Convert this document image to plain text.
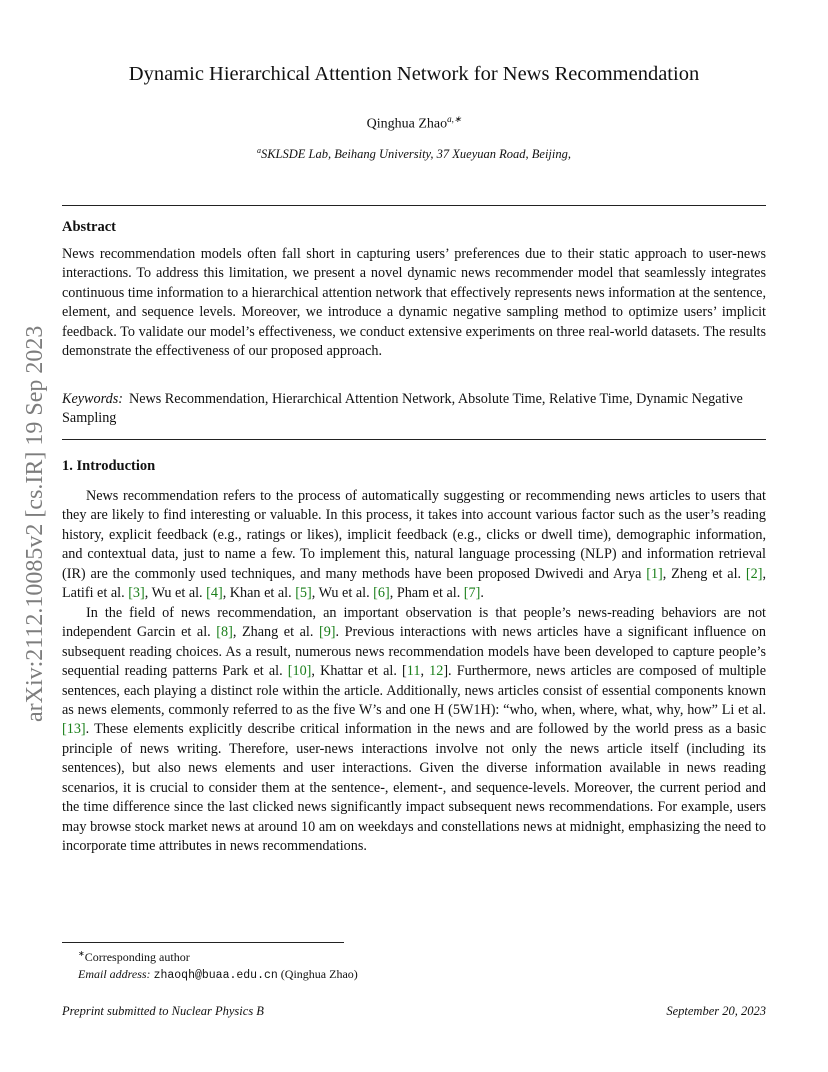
arXiv:2112.10085v2 [cs.IR] 19 Sep 2023
Dynamic Hierarchical Attention Network for News Recommendation
Qinghua Zhao$^{a,∗}$
$^a$SKLSDE Lab, Beihang University, 37 Xueyuan Road, Beijing,
Abstract
News recommendation models often fall short in capturing users’ preferences due to their static approach to user-news interactions. To address this limitation, we present a novel dynamic news recommender model that seamlessly integrates continuous time information to a hierarchical attention network that effectively represents news information at the sentence, element, and sequence levels. Moreover, we introduce a dynamic negative sampling method to optimize users’ implicit feedback. To validate our model’s effectiveness, we conduct extensive experiments on three real-world datasets. The results demonstrate the effectiveness of our proposed approach.
Keywords: News Recommendation, Hierarchical Attention Network, Absolute Time, Relative Time, Dynamic Negative Sampling
1. Introduction

News recommendation refers to the process of automatically suggesting or recommending news articles to users that they are likely to find interesting or valuable. In this process, it takes into account various factor such as the user’s reading history, explicit feedback (e.g., ratings or likes), implicit feedback (e.g., clicks or dwell time), demographic information, and contextual data, just to name a few. To implement this, natural language processing (NLP) and information retrieval (IR) are the commonly used techniques, and many methods have been proposed Dwivedi and Arya [1], Zheng et al. [2], Latifi et al. [3], Wu et al. [4], Khan et al. [5], Wu et al. [6], Pham et al. [7].

In the field of news recommendation, an important observation is that people’s news-reading behaviors are not independent Garcin et al. [8], Zhang et al. [9]. Previous interactions with news articles have a significant influence on subsequent reading choices. As a result, numerous news recommendation models have been developed to capture people’s sequential reading patterns Park et al. [10], Khattar et al. [11, 12]. Furthermore, news articles are composed of multiple sentences, each playing a distinct role within the article. Additionally, news articles consist of essential components known as news elements, commonly referred to as the five W’s and one H (5W1H): “who, when, where, what, why, how” Li et al. [13]. These elements explicitly describe critical information in the news and are followed by the world press as a basic principle of news writing. Therefore, user-news interactions involve not only the news article itself (including its sentences), but also news elements and user interactions. Given the diverse information available in news reading scenarios, it is crucial to consider them at the sentence-, element-, and sequence-levels. Moreover, the current period and the time difference since the last clicked news significantly impact subsequent news recommendations. For example, users may browse stock market news at around 10 am on weekdays and constellations news at midnight, emphasizing the need to incorporate time attributes in news recommendations.

∗Corresponding author
Email address: zhaoqh@buaa.edu.cn (Qinghua Zhao)
Preprint submitted to Nuclear Physics B	September 20, 2023
